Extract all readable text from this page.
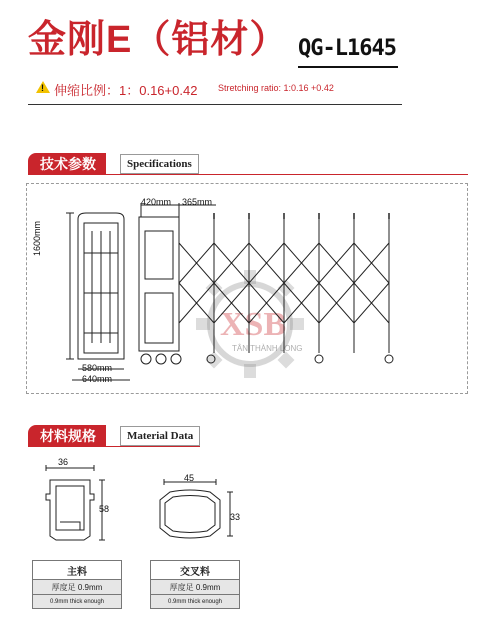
金刚E（铝材） QG-L1645
! 伸缩比例：1：0.16+0.42 Stretching ratio: 1:0.16 +0.42
技术参数	Specifications
XSB
TÂN THÀNH LONG
1600mm
420mm 365mm
580mm
640mm
材料规格	Material Data
36
58
主料
厚度足 0.9mm
0.9mm thick enough
45
33
交叉料
厚度足 0.9mm
0.9mm thick enough
